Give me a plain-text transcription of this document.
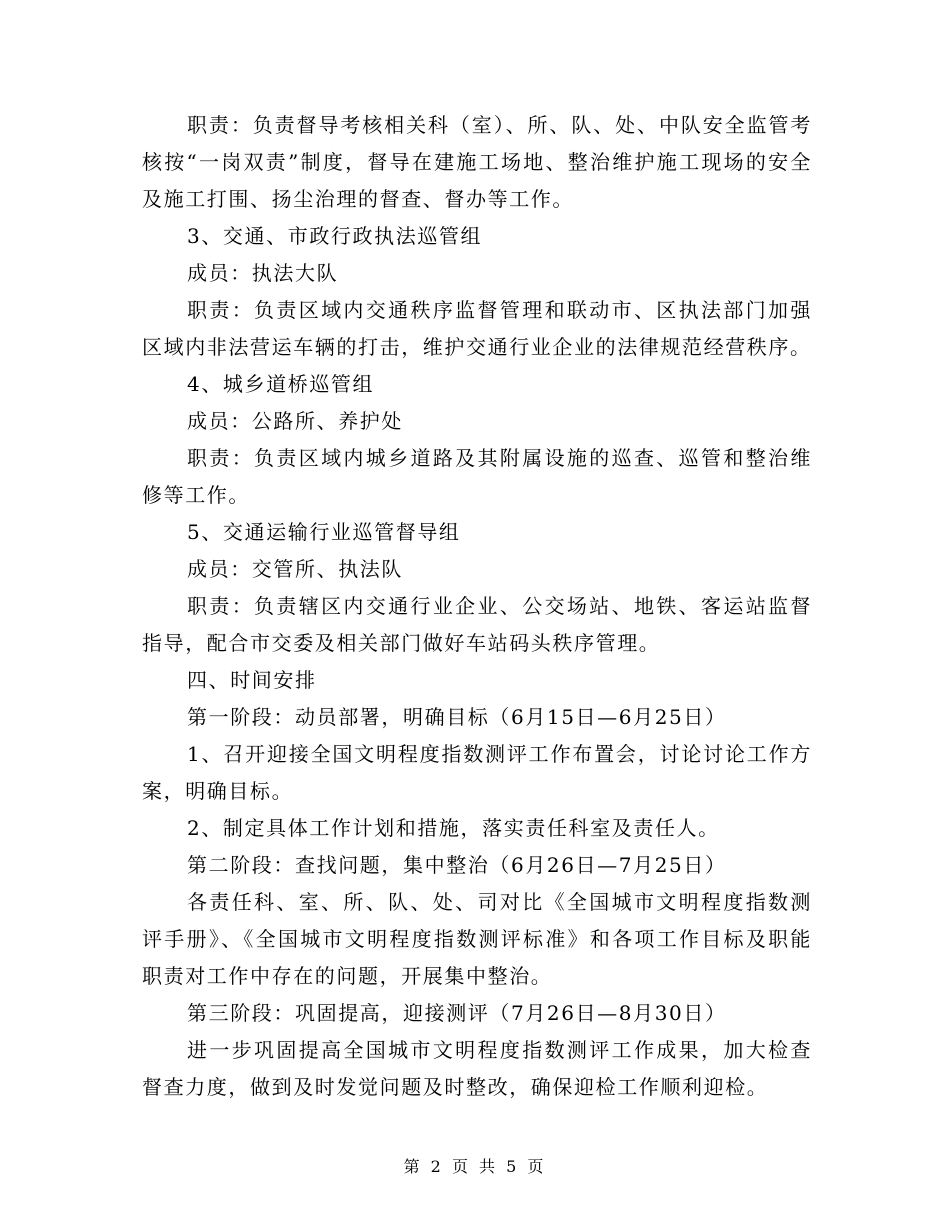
职责：负责督导考核相关科（室）、所、队、处、中队安全监管考核按“一岗双责”制度，督导在建施工场地、整治维护施工现场的安全及施工打围、扬尘治理的督查、督办等工作。

3、交通、市政行政执法巡管组

成员：执法大队

职责：负责区域内交通秩序监督管理和联动市、区执法部门加强区域内非法营运车辆的打击，维护交通行业企业的法律规范经营秩序。

4、城乡道桥巡管组

成员：公路所、养护处

职责：负责区域内城乡道路及其附属设施的巡查、巡管和整治维修等工作。

5、交通运输行业巡管督导组

成员：交管所、执法队

职责：负责辖区内交通行业企业、公交场站、地铁、客运站监督指导，配合市交委及相关部门做好车站码头秩序管理。

四、时间安排

第一阶段：动员部署，明确目标（6月15日—6月25日）

1、召开迎接全国文明程度指数测评工作布置会，讨论讨论工作方案，明确目标。

2、制定具体工作计划和措施，落实责任科室及责任人。

第二阶段：查找问题，集中整治（6月26日—7月25日）

各责任科、室、所、队、处、司对比《全国城市文明程度指数测评手册》、《全国城市文明程度指数测评标准》和各项工作目标及职能职责对工作中存在的问题，开展集中整治。

第三阶段：巩固提高，迎接测评（7月26日—8月30日）

进一步巩固提高全国城市文明程度指数测评工作成果，加大检查督查力度，做到及时发觉问题及时整改，确保迎检工作顺利迎检。

第 2 页 共 5 页
